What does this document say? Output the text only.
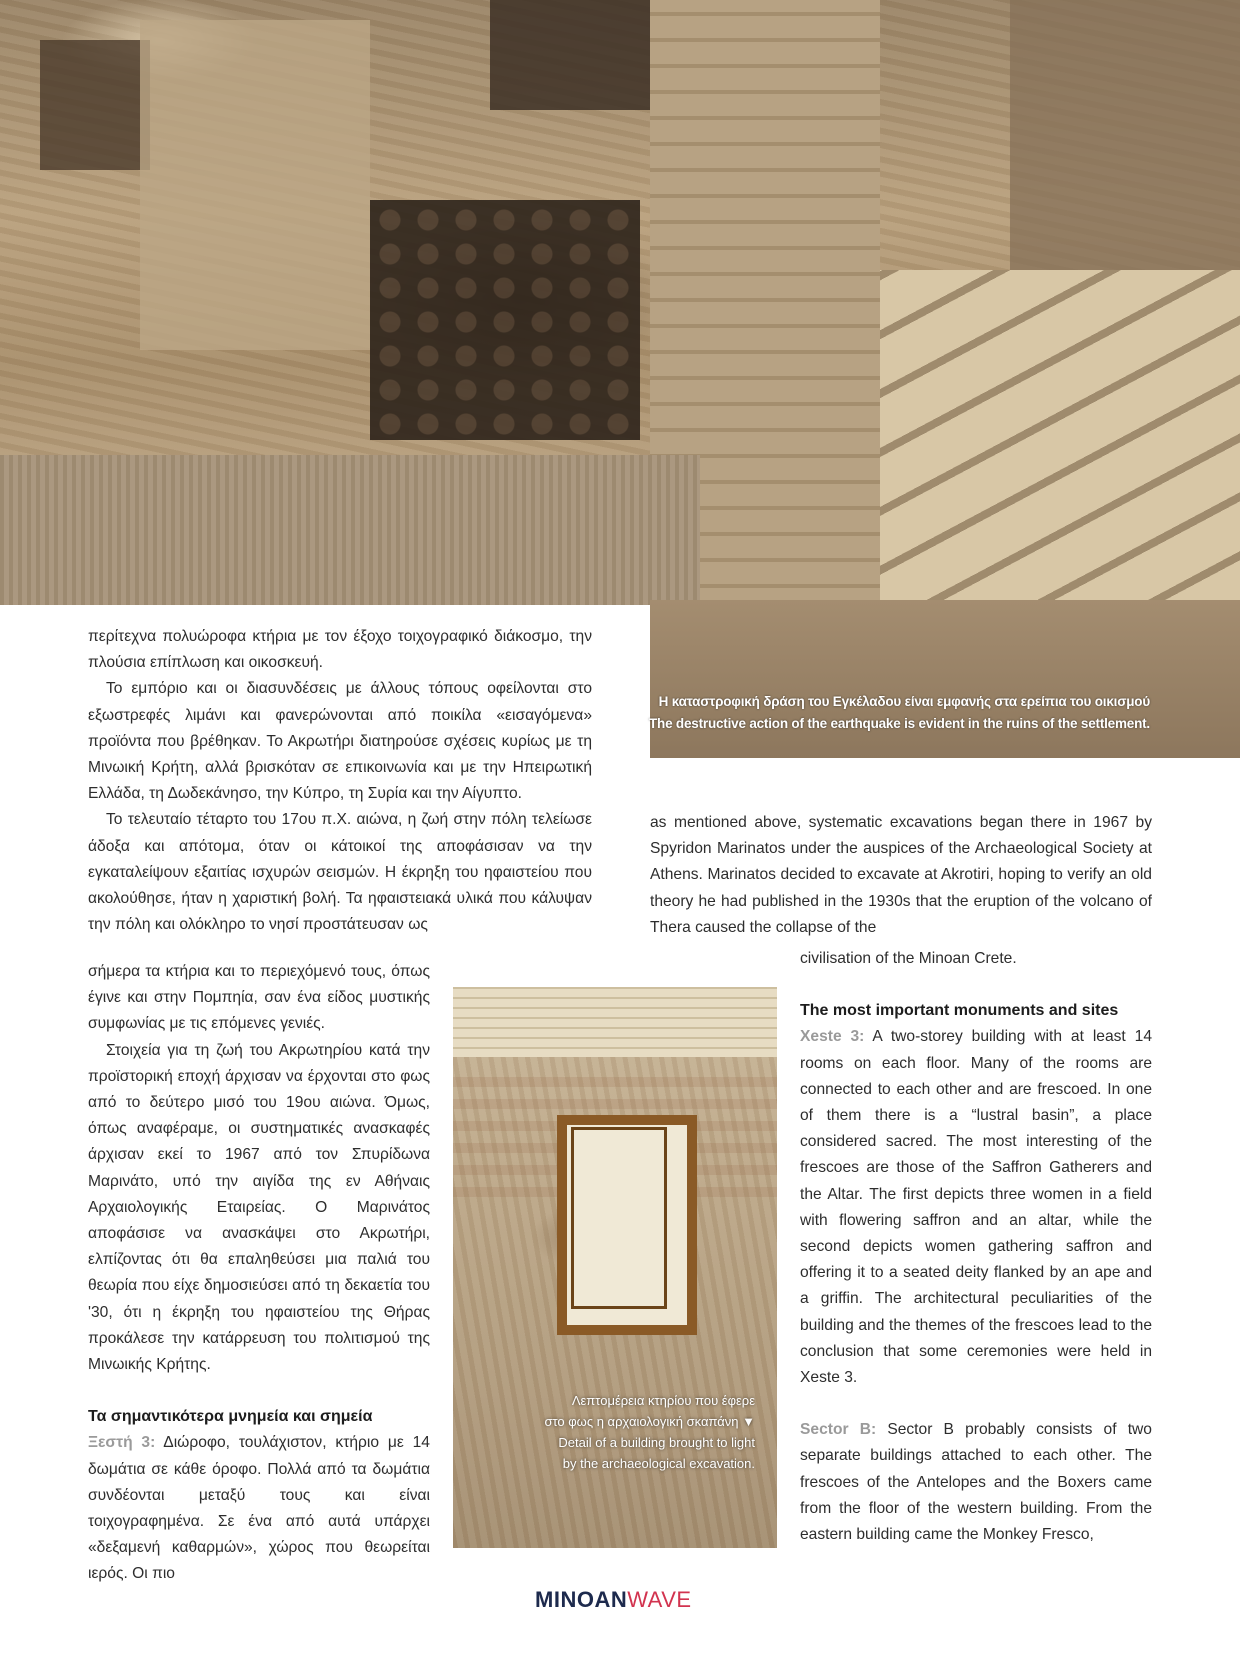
Η καταστροφική δράση του Εγκέλαδου είναι εμφανής στα ερείπια του οικισμού
The destructive action of the earthquake is evident in the ruins of the settlement.

περίτεχνα πολυώροφα κτήρια με τον έξοχο τοιχογραφικό διάκοσμο, την πλούσια επίπλωση και οικοσκευή.

Το εμπόριο και οι διασυνδέσεις με άλλους τόπους οφείλονται στο εξωστρεφές λιμάνι και φανερώνονται από ποικίλα «εισαγόμενα» προϊόντα που βρέθηκαν. Το Ακρωτήρι διατηρούσε σχέσεις κυρίως με τη Μινωική Κρήτη, αλλά βρισκόταν σε επικοινωνία και με την Ηπειρωτική Ελλάδα, τη Δωδεκάνησο, την Κύπρο, τη Συρία και την Αίγυπτο.

Το τελευταίο τέταρτο του 17ου π.Χ. αιώνα, η ζωή στην πόλη τελείωσε άδοξα και απότομα, όταν οι κάτοικοί της αποφάσισαν να την εγκαταλείψουν εξαιτίας ισχυρών σεισμών. Η έκρηξη του ηφαιστείου που ακολούθησε, ήταν η χαριστική βολή. Τα ηφαιστειακά υλικά που κάλυψαν την πόλη και ολόκληρο το νησί προστάτευσαν ως

σήμερα τα κτήρια και το περιεχόμενό τους, όπως έγινε και στην Πομπηία, σαν ένα είδος μυστικής συμφωνίας με τις επόμενες γενιές.

Στοιχεία για τη ζωή του Ακρωτηρίου κατά την προϊστορική εποχή άρχισαν να έρχονται στο φως από το δεύτερο μισό του 19ου αιώνα. Όμως, όπως αναφέραμε, οι συστηματικές ανασκαφές άρχισαν εκεί το 1967 από τον Σπυρίδωνα Μαρινάτο, υπό την αιγίδα της εν Αθήναις Αρχαιολογικής Εταιρείας. Ο Μαρινάτος αποφάσισε να ανασκάψει στο Ακρωτήρι, ελπίζοντας ότι θα επαληθεύσει μια παλιά του θεωρία που είχε δημοσιεύσει από τη δεκαετία του '30, ότι η έκρηξη του ηφαιστείου της Θήρας προκάλεσε την κατάρρευση του πολιτισμού της Μινωικής Κρήτης.

Τα σημαντικότερα μνημεία και σημεία

Ξεστή 3: Διώροφο, τουλάχιστον, κτήριο με 14 δωμάτια σε κάθε όροφο. Πολλά από τα δωμάτια συνδέονται μεταξύ τους και είναι τοιχογραφημένα. Σε ένα από αυτά υπάρχει «δεξαμενή καθαρμών», χώρος που θεωρείται ιερός. Οι πιο

as mentioned above, systematic excavations began there in 1967 by Spyridon Marinatos under the auspices of the Archaeological Society at Athens. Marinatos decided to excavate at Akrotiri, hoping to verify an old theory he had published in the 1930s that the eruption of the volcano of Thera caused the collapse of the

civilisation of the Minoan Crete.

The most important monuments and sites

Xeste 3: A two-storey building with at least 14 rooms on each floor. Many of the rooms are connected to each other and are frescoed. In one of them there is a “lustral basin”, a place considered sacred. The most interesting of the frescoes are those of the Saffron Gatherers and the Altar. The first depicts three women in a field with flowering saffron and an altar, while the second depicts women gathering saffron and offering it to a seated deity flanked by an ape and a griffin. The architectural peculiarities of the building and the themes of the frescoes lead to the conclusion that some ceremonies were held in Xeste 3.

Sector B: Sector B probably consists of two separate buildings attached to each other. The frescoes of the Antelopes and the Boxers came from the floor of the western building. From the eastern building came the Monkey Fresco,

Λεπτομέρεια κτηρίου που έφερε
στο φως η αρχαιολογική σκαπάνη ▼
Detail of a building brought to light
by the archaeological excavation.
MINOANWAVE
